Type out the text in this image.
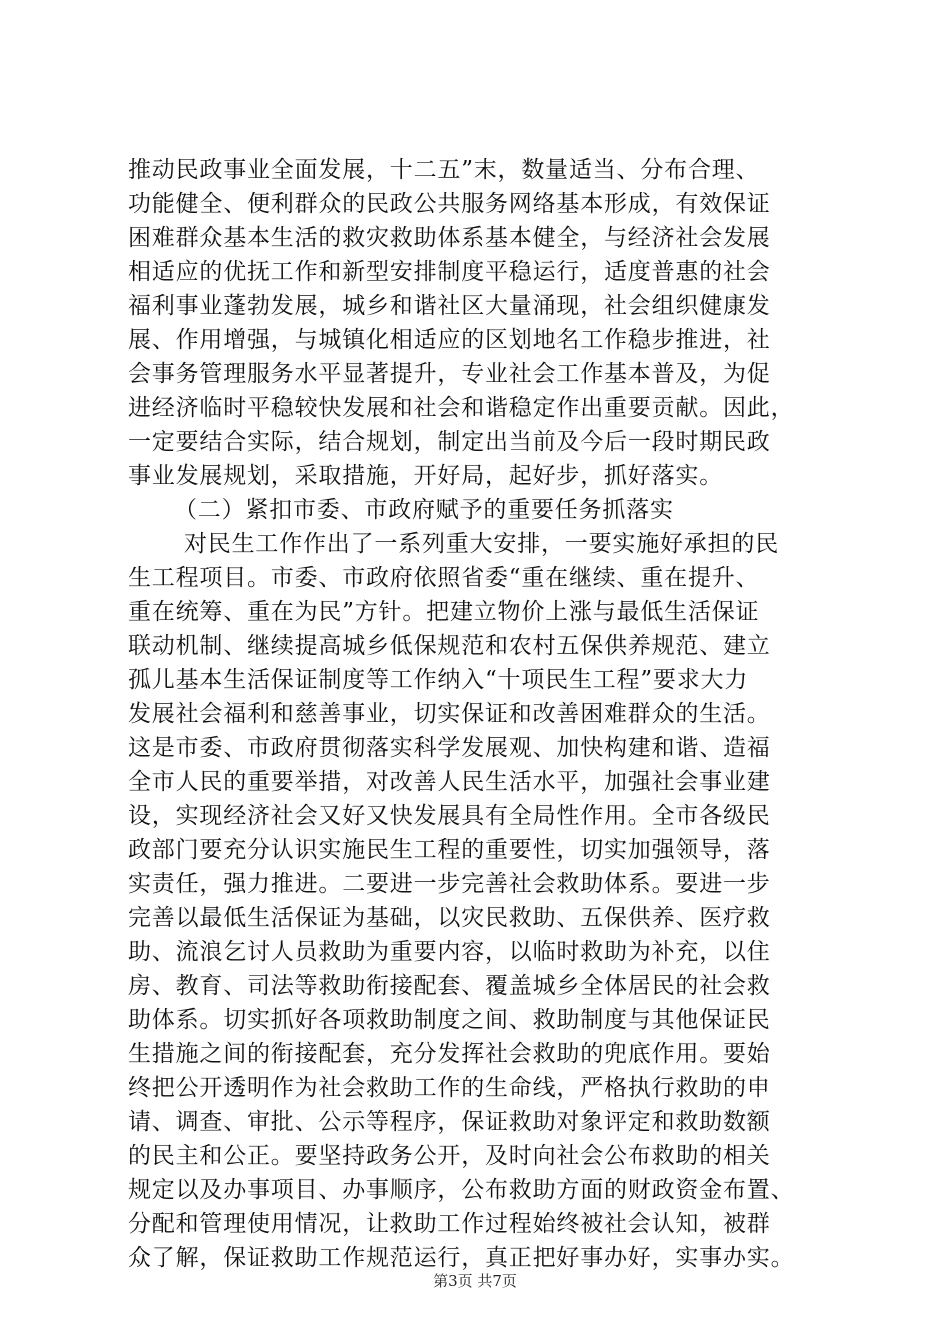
推动民政事业全面发展，十二五”末，数量适当、分布合理、
功能健全、便利群众的民政公共服务网络基本形成，有效保证
困难群众基本生活的救灾救助体系基本健全，与经济社会发展
相适应的优抚工作和新型安排制度平稳运行，适度普惠的社会
福利事业蓬勃发展，城乡和谐社区大量涌现，社会组织健康发
展、作用增强，与城镇化相适应的区划地名工作稳步推进，社
会事务管理服务水平显著提升，专业社会工作基本普及，为促
进经济临时平稳较快发展和社会和谐稳定作出重要贡献。因此，
一定要结合实际，结合规划，制定出当前及今后一段时期民政
事业发展规划，采取措施，开好局，起好步，抓好落实。
（二）紧扣市委、市政府赋予的重要任务抓落实
对民生工作作出了一系列重大安排，一要实施好承担的民
生工程项目。市委、市政府依照省委“重在继续、重在提升、
重在统筹、重在为民”方针。把建立物价上涨与最低生活保证
联动机制、继续提高城乡低保规范和农村五保供养规范、建立
孤儿基本生活保证制度等工作纳入“十项民生工程”要求大力
发展社会福利和慈善事业，切实保证和改善困难群众的生活。
这是市委、市政府贯彻落实科学发展观、加快构建和谐、造福
全市人民的重要举措，对改善人民生活水平，加强社会事业建
设，实现经济社会又好又快发展具有全局性作用。全市各级民
政部门要充分认识实施民生工程的重要性，切实加强领导，落
实责任，强力推进。二要进一步完善社会救助体系。要进一步
完善以最低生活保证为基础，以灾民救助、五保供养、医疗救
助、流浪乞讨人员救助为重要内容，以临时救助为补充，以住
房、教育、司法等救助衔接配套、覆盖城乡全体居民的社会救
助体系。切实抓好各项救助制度之间、救助制度与其他保证民
生措施之间的衔接配套，充分发挥社会救助的兜底作用。要始
终把公开透明作为社会救助工作的生命线，严格执行救助的申
请、调查、审批、公示等程序，保证救助对象评定和救助数额
的民主和公正。要坚持政务公开，及时向社会公布救助的相关
规定以及办事项目、办事顺序，公布救助方面的财政资金布置、
分配和管理使用情况，让救助工作过程始终被社会认知，被群
众了解，保证救助工作规范运行，真正把好事办好，实事办实。
第3页 共7页
